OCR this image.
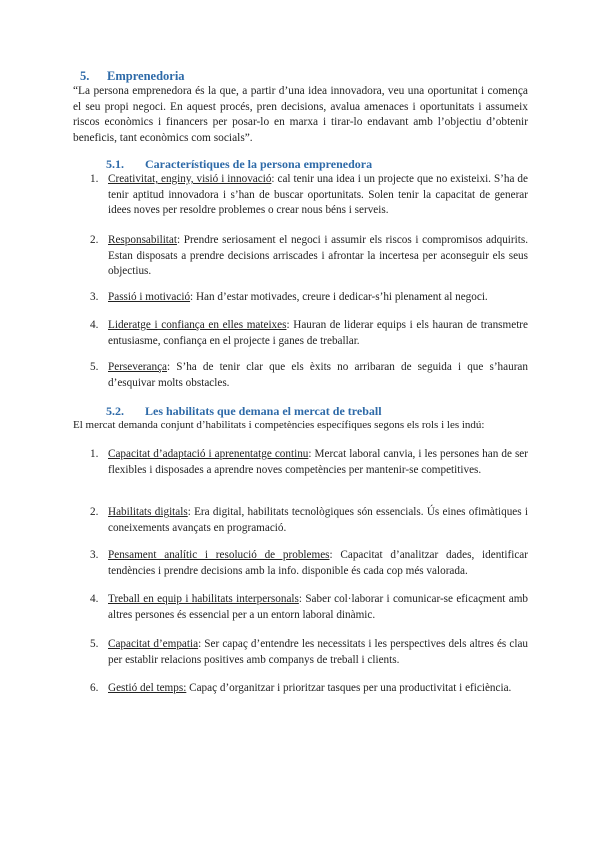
5. Emprenedoria
“La persona emprenedora és la que, a partir d’una idea innovadora, veu una oportunitat i comença el seu propi negoci. En aquest procés, pren decisions, avalua amenaces i oportunitats i assumeix riscos econòmics i financers per posar-lo en marxa i tirar-lo endavant amb l’objectiu d’obtenir beneficis, tant econòmics com socials”.
5.1. Característiques de la persona emprenedora
1. Creativitat, enginy, visió i innovació: cal tenir una idea i un projecte que no existeixi. S’ha de tenir aptitud innovadora i s’han de buscar oportunitats. Solen tenir la capacitat de generar idees noves per resoldre problemes o crear nous béns i serveis.
2. Responsabilitat: Prendre seriosament el negoci i assumir els riscos i compromisos adquirits. Estan disposats a prendre decisions arriscades i afrontar la incertesa per aconseguir els seus objectius.
3. Passió i motivació: Han d’estar motivades, creure i dedicar-s’hi plenament al negoci.
4. Lideratge i confiança en elles mateixes: Hauran de liderar equips i els hauran de transmetre entusiasme, confiança en el projecte i ganes de treballar.
5. Perseverança: S’ha de tenir clar que els èxits no arribaran de seguida i que s’hauran d’esquivar molts obstacles.
5.2. Les habilitats que demana el mercat de treball
El mercat demanda conjunt d’habilitats i competències específiques segons els rols i les indú:
1. Capacitat d’adaptació i aprenentatge continu: Mercat laboral canvia, i les persones han de ser flexibles i disposades a aprendre noves competències per mantenir-se competitives.
2. Habilitats digitals: Era digital, habilitats tecnològiques són essencials. Ús eines ofimàtiques i coneixements avançats en programació.
3. Pensament analític i resolució de problemes: Capacitat d’analitzar dades, identificar tendències i prendre decisions amb la info. disponible és cada cop més valorada.
4. Treball en equip i habilitats interpersonals: Saber col·laborar i comunicar-se eficaçment amb altres persones és essencial per a un entorn laboral dinàmic.
5. Capacitat d’empatia: Ser capaç d’entendre les necessitats i les perspectives dels altres és clau per establir relacions positives amb companys de treball i clients.
6. Gestió del temps: Capaç d’organitzar i prioritzar tasques per una productivitat i eficiència.
